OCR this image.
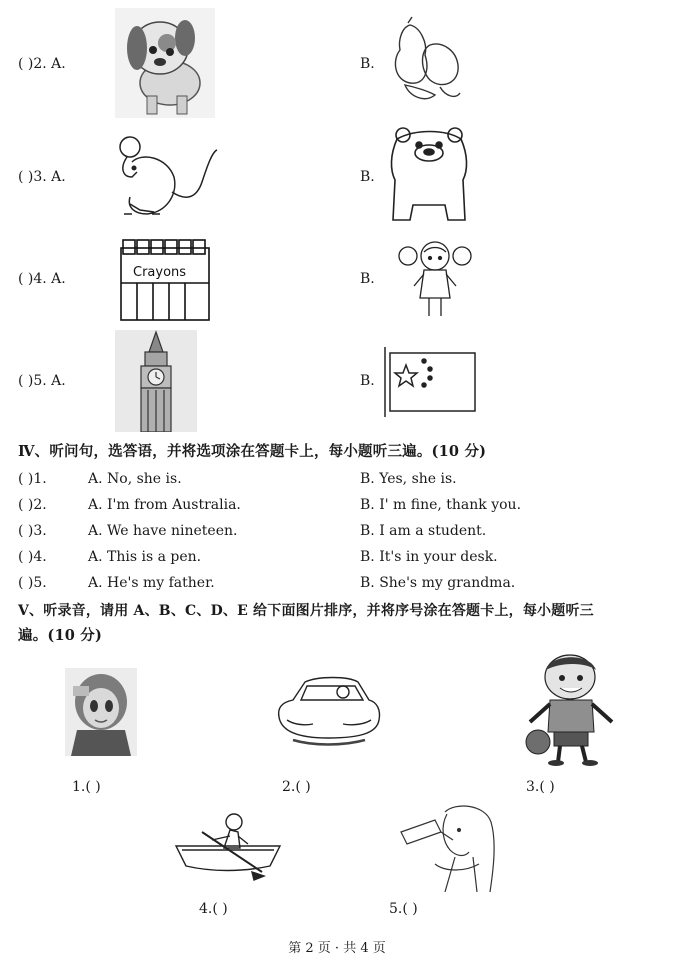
( )2. A.	B.
( )3. A.	B.
( )4. A.	Crayons	B.
( )5. A.	B.
Ⅳ、听问句，选答语，并将选项涂在答题卡上，每小题听三遍。(10 分)
( )1.	A. No, she is.	B. Yes, she is.
( )2.	A. I'm from Australia.	B. I' m fine, thank you.
( )3.	A. We have nineteen.	B. I am a student.
( )4.	A. This is a pen.	B. It's in your desk.
( )5.	A. He's my father.	B. She's my grandma.
Ⅴ、听录音，请用 A、B、C、D、E 给下面图片排序，并将序号涂在答题卡上，每小题听三
遍。(10 分)
1.( )	2.( )	3.( )
4.( )	5.( )
第 2 页 · 共 4 页
